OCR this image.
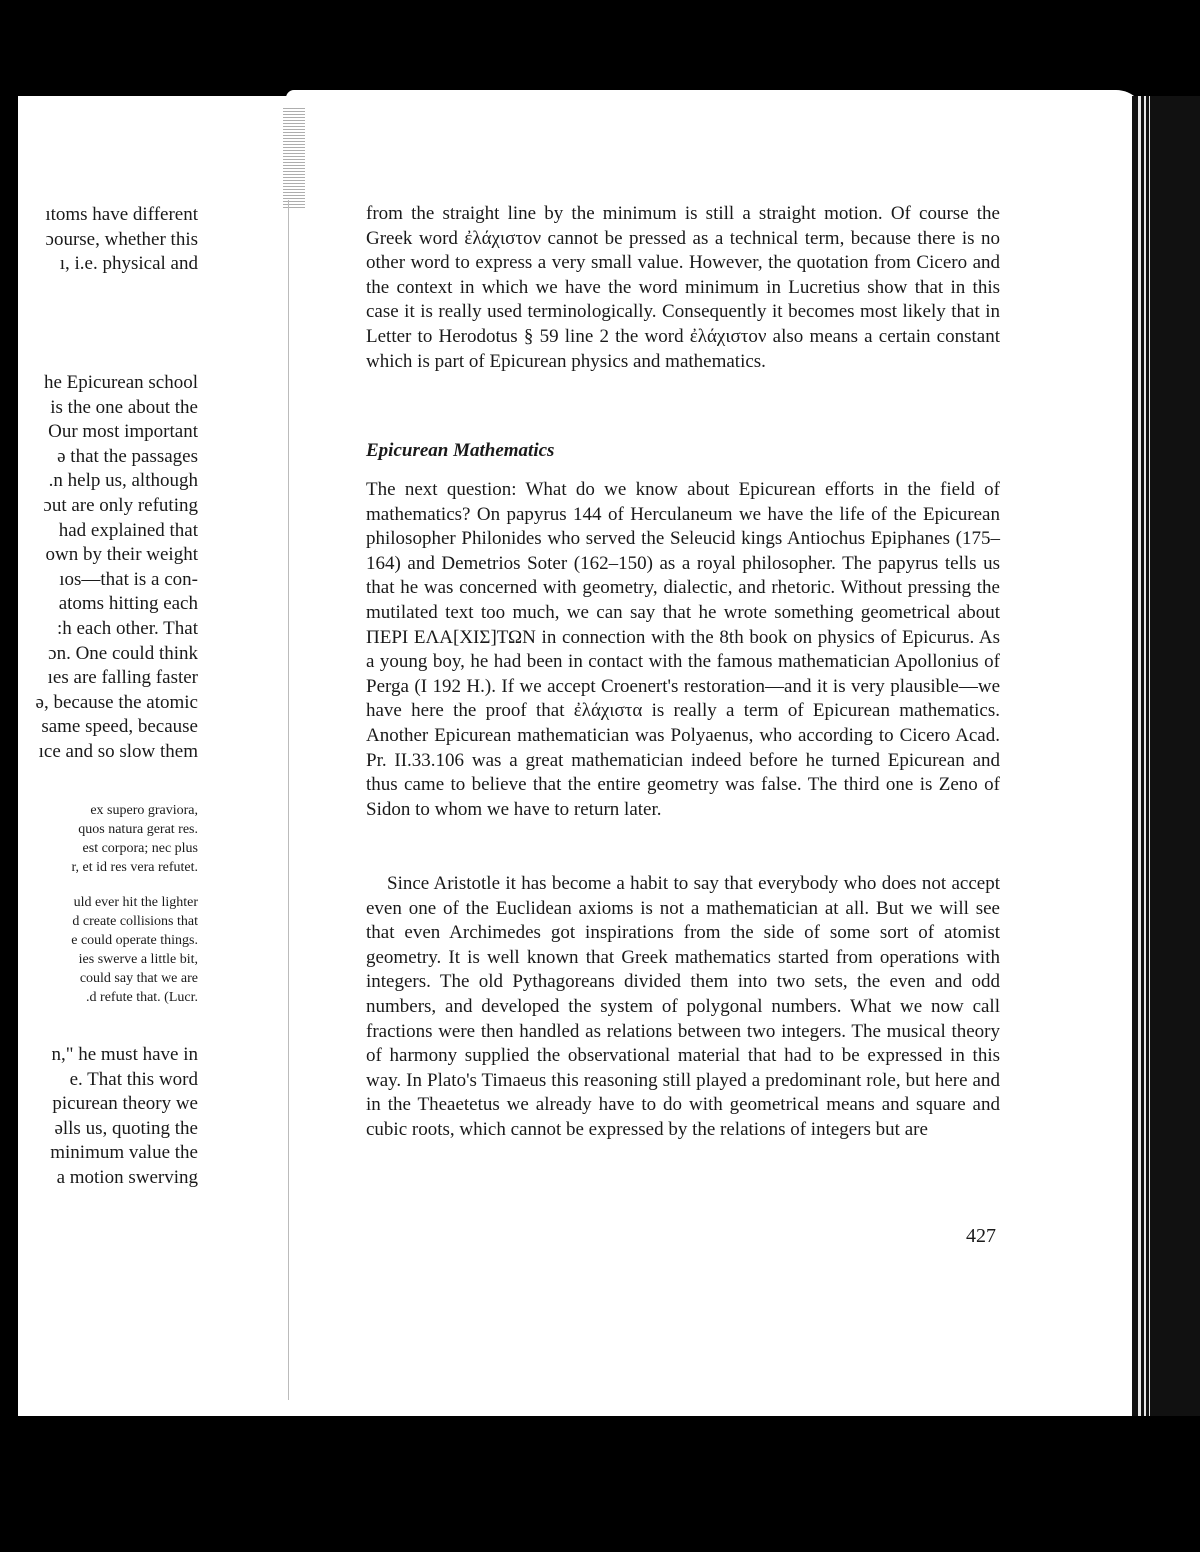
ıtoms have different
ɔourse, whether this
ı, i.e. physical and
he Epicurean school
is the one about the
Our most important
ǝ that the passages
.n help us, although
ɔut are only refuting
had explained that
own by their weight
ıos—that is a con-
atoms hitting each
:h each other. That
ɔn. One could think
ıes are falling faster
ǝ, because the atomic
same speed, because
ıce and so slow them
ex supero graviora,
quos natura gerat res.
est corpora; nec plus
r, et id res vera refutet.
uld ever hit the lighter
d create collisions that
e could operate things.
ies swerve a little bit,
could say that we are
.d refute that. (Lucr.
n," he must have in
e. That this word
picurean theory we
ǝlls us, quoting the
minimum value the
a motion swerving

from the straight line by the minimum is still a straight motion. Of course the Greek word ἐλάχιστον cannot be pressed as a technical term, because there is no other word to express a very small value. However, the quotation from Cicero and the context in which we have the word minimum in Lucretius show that in this case it is really used terminologically. Consequently it becomes most likely that in Letter to Herodotus § 59 line 2 the word ἐλάχιστον also means a certain constant which is part of Epicurean physics and mathematics.

Epicurean Mathematics

The next question: What do we know about Epicurean efforts in the field of mathematics? On papyrus 144 of Herculaneum we have the life of the Epicurean philosopher Philonides who served the Seleucid kings Antiochus Epiphanes (175–164) and Demetrios Soter (162–150) as a royal philosopher. The papyrus tells us that he was concerned with geometry, dialectic, and rhetoric. Without pressing the mutilated text too much, we can say that he wrote something geometrical about ΠΕΡΙ ΕΛΑ[ΧΙΣ]ΤΩΝ in connection with the 8th book on physics of Epicurus. As a young boy, he had been in contact with the famous mathematician Apollonius of Perga (I 192 H.). If we accept Croenert's restoration—and it is very plausible—we have here the proof that ἐλάχιστα is really a term of Epicurean mathematics. Another Epicurean mathematician was Polyaenus, who according to Cicero Acad. Pr. II.33.106 was a great mathematician indeed before he turned Epicurean and thus came to believe that the entire geometry was false. The third one is Zeno of Sidon to whom we have to return later.

Since Aristotle it has become a habit to say that everybody who does not accept even one of the Euclidean axioms is not a mathematician at all. But we will see that even Archimedes got inspirations from the side of some sort of atomist geometry. It is well known that Greek mathematics started from operations with integers. The old Pythagoreans divided them into two sets, the even and odd numbers, and developed the system of polygonal numbers. What we now call fractions were then handled as relations between two integers. The musical theory of harmony supplied the observational material that had to be expressed in this way. In Plato's Timaeus this reasoning still played a predominant role, but here and in the Theaetetus we already have to do with geometrical means and square and cubic roots, which cannot be expressed by the relations of integers but are

427
